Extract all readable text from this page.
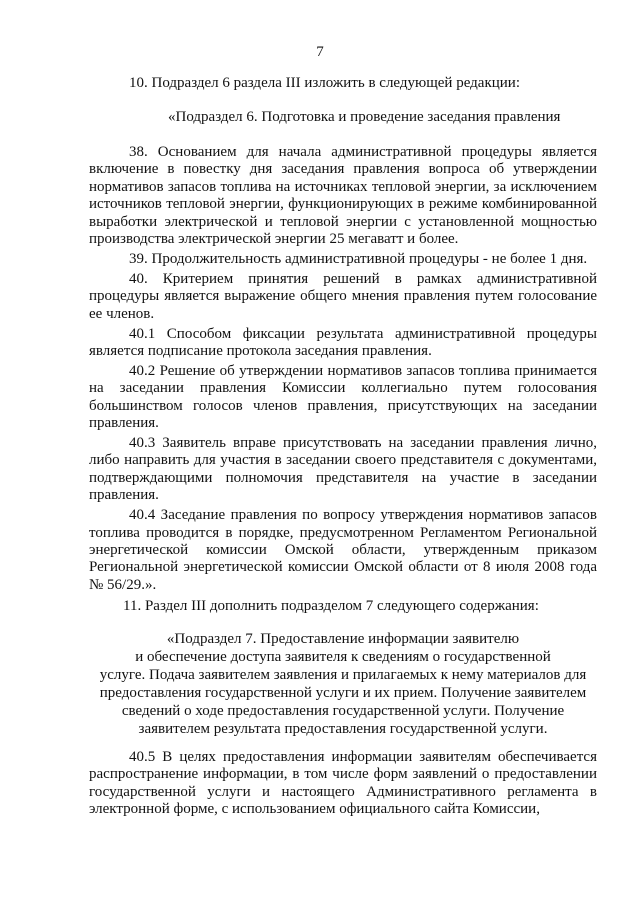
7
10. Подраздел 6 раздела III изложить в следующей редакции:
«Подраздел 6. Подготовка и проведение заседания правления

38. Основанием для начала административной процедуры является включение в повестку дня заседания правления вопроса об утверждении нормативов запасов топлива на источниках тепловой энергии, за исключением источников тепловой энергии, функционирующих в режиме комбинированной выработки электрической и тепловой энергии с установленной мощностью производства электрической энергии 25 мегаватт и более.

39. Продолжительность административной процедуры - не более 1 дня.

40. Критерием принятия решений в рамках административной процедуры является выражение общего мнения правления путем голосование ее членов.

40.1 Способом фиксации результата административной процедуры является подписание протокола заседания правления.

40.2 Решение об утверждении нормативов запасов топлива принимается на заседании правления Комиссии коллегиально путем голосования большинством голосов членов правления, присутствующих на заседании правления.

40.3 Заявитель вправе присутствовать на заседании правления лично, либо направить для участия в заседании своего представителя с документами, подтверждающими полномочия представителя на участие в заседании правления.

40.4 Заседание правления по вопросу утверждения нормативов запасов топлива проводится в порядке, предусмотренном Регламентом Региональной энергетической комиссии Омской области, утвержденным приказом Региональной энергетической комиссии Омской области от 8 июля 2008 года № 56/29.».

11. Раздел III дополнить подразделом 7 следующего содержания:
«Подраздел 7. Предоставление информации заявителю
и обеспечение доступа заявителя к сведениям о государственной
услуге. Подача заявителем заявления и прилагаемых к нему материалов для
предоставления государственной услуги и их прием. Получение заявителем
сведений о ходе предоставления государственной услуги. Получение
заявителем результата предоставления государственной услуги.

40.5 В целях предоставления информации заявителям обеспечивается распространение информации, в том числе форм заявлений о предоставлении государственной услуги и настоящего Административного регламента в электронной форме, с использованием официального сайта Комиссии,
